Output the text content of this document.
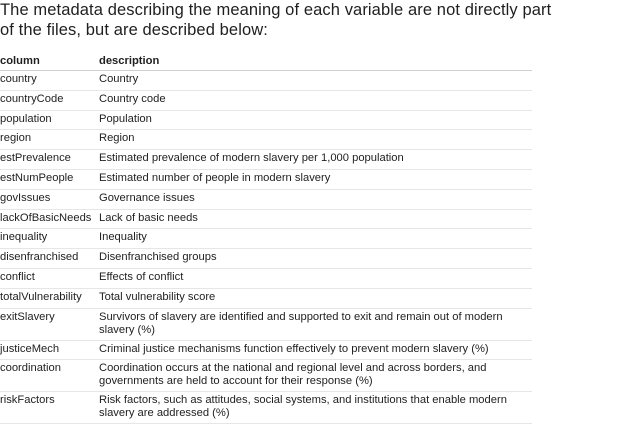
The metadata describing the meaning of each variable are not directly part
of the files, but are described below:

column	description
country	Country
countryCode	Country code
population	Population
region	Region
estPrevalence	Estimated prevalence of modern slavery per 1,000 population
estNumPeople	Estimated number of people in modern slavery
govIssues	Governance issues
lackOfBasicNeeds	Lack of basic needs
inequality	Inequality
disenfranchised	Disenfranchised groups
conflict	Effects of conflict
totalVulnerability	Total vulnerability score
exitSlavery	Survivors of slavery are identified and supported to exit and remain out of modern slavery (%)
justiceMech	Criminal justice mechanisms function effectively to prevent modern slavery (%)
coordination	Coordination occurs at the national and regional level and across borders, and governments are held to account for their response (%)
riskFactors	Risk factors, such as attitudes, social systems, and institutions that enable modern slavery are addressed (%)
